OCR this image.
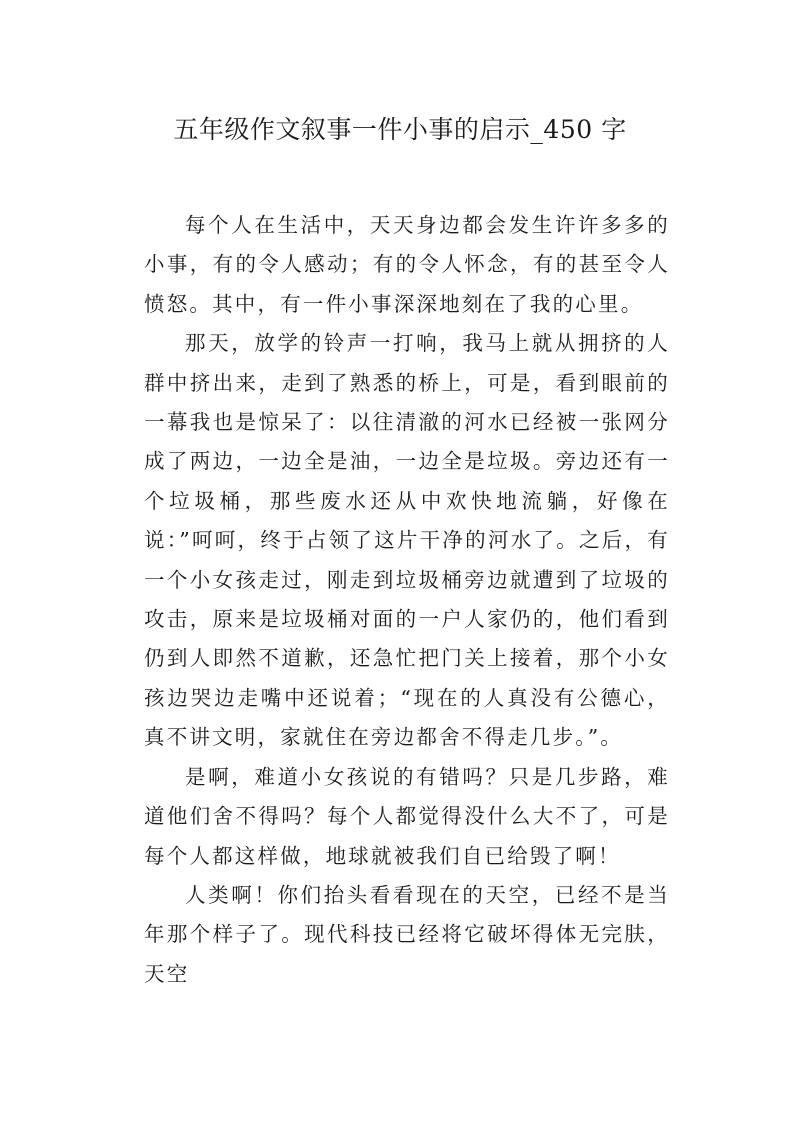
五年级作文叙事一件小事的启示_450 字

每个人在生活中，天天身边都会发生许许多多的小事，有的令人感动；有的令人怀念，有的甚至令人愤怒。其中，有一件小事深深地刻在了我的心里。

那天，放学的铃声一打响，我马上就从拥挤的人群中挤出来，走到了熟悉的桥上，可是，看到眼前的一幕我也是惊呆了：以往清澈的河水已经被一张网分成了两边，一边全是油，一边全是垃圾。旁边还有一个垃圾桶，那些废水还从中欢快地流躺，好像在说：”呵呵，终于占领了这片干净的河水了。之后，有一个小女孩走过，刚走到垃圾桶旁边就遭到了垃圾的攻击，原来是垃圾桶对面的一户人家仍的，他们看到仍到人即然不道歉，还急忙把门关上接着，那个小女孩边哭边走嘴中还说着；“现在的人真没有公德心，真不讲文明，家就住在旁边都舍不得走几步。”。

是啊，难道小女孩说的有错吗？只是几步路，难道他们舍不得吗？每个人都觉得没什么大不了，可是每个人都这样做，地球就被我们自已给毁了啊！

人类啊！你们抬头看看现在的天空，已经不是当年那个样子了。现代科技已经将它破坏得体无完肤，天空
